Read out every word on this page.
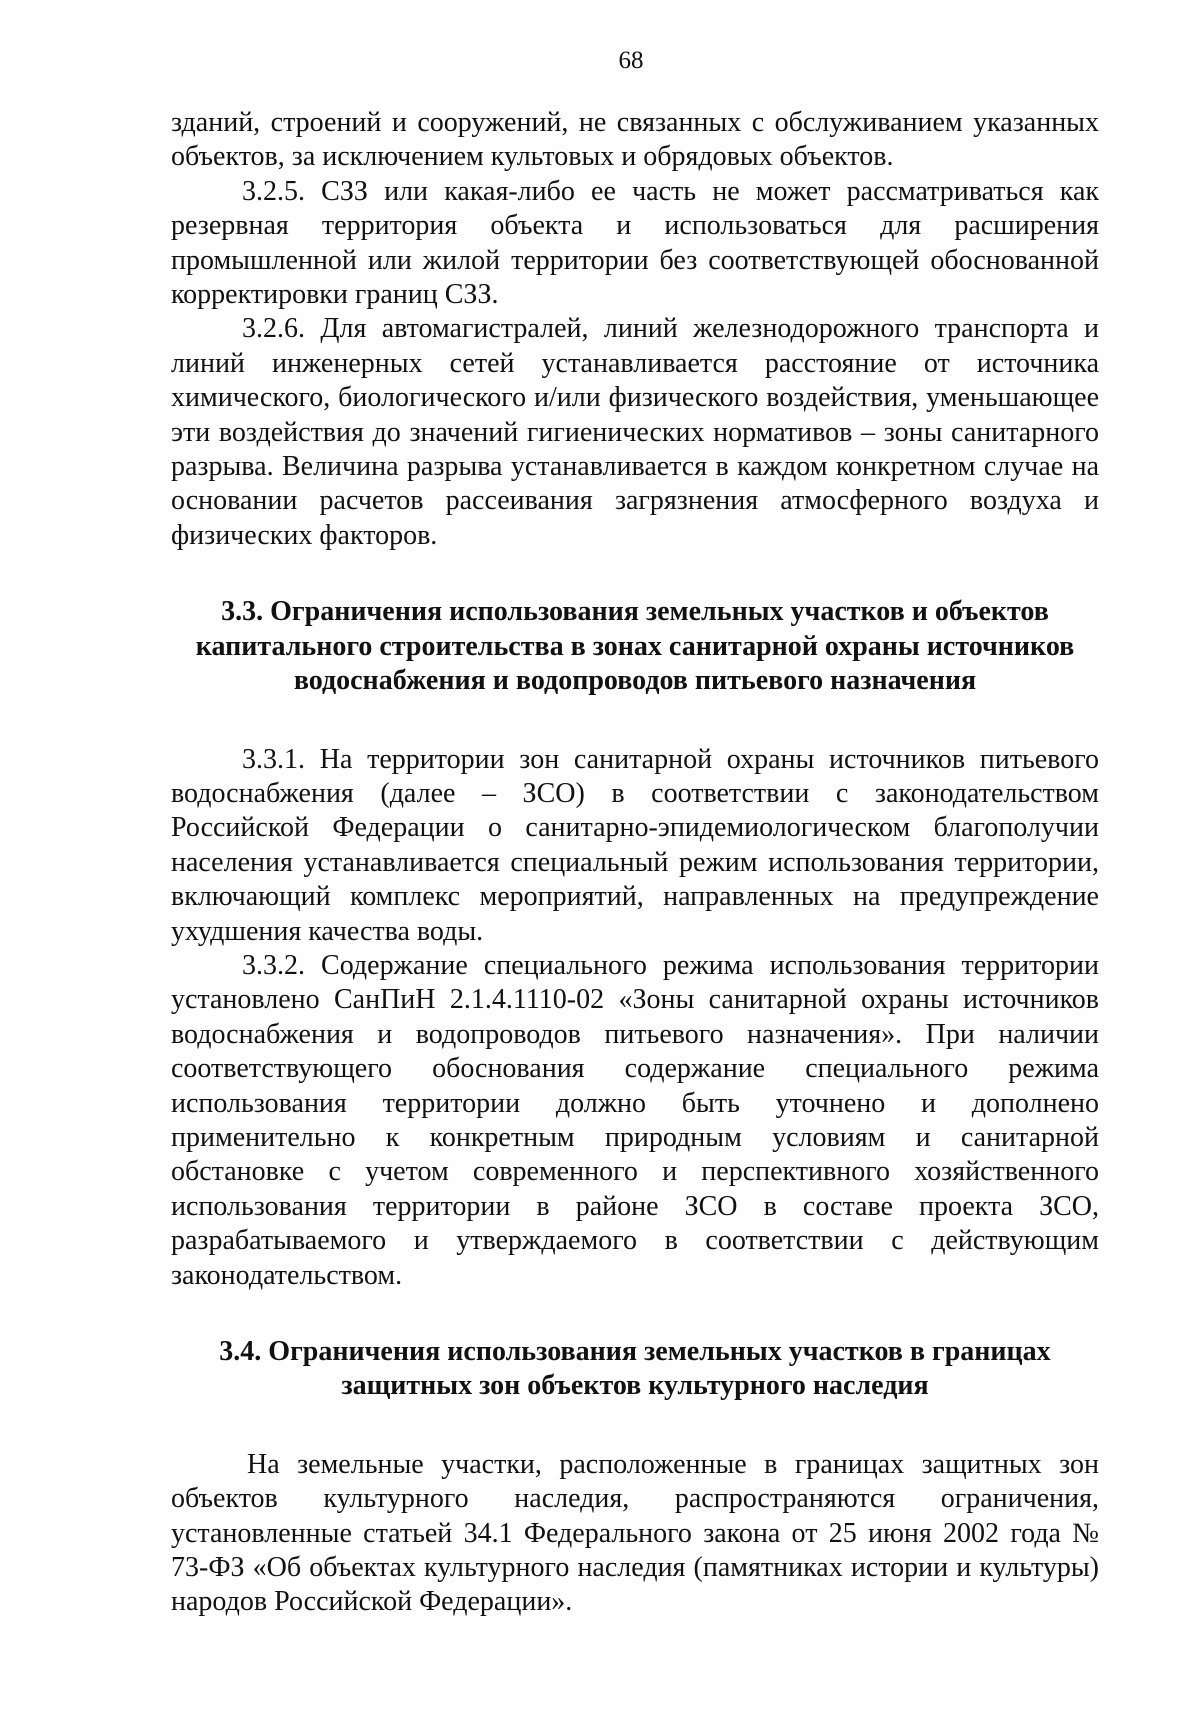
68

зданий, строений и сооружений, не связанных с обслуживанием указанных объектов, за исключением культовых и обрядовых объектов.

3.2.5. СЗЗ или какая-либо ее часть не может рассматриваться как резервная территория объекта и использоваться для расширения промышленной или жилой территории без соответствующей обоснованной корректировки границ СЗЗ.

3.2.6. Для автомагистралей, линий железнодорожного транспорта и линий инженерных сетей устанавливается расстояние от источника химического, биологического и/или физического воздействия, уменьшающее эти воздействия до значений гигиенических нормативов – зоны санитарного разрыва. Величина разрыва устанавливается в каждом конкретном случае на основании расчетов рассеивания загрязнения атмосферного воздуха и физических факторов.

3.3. Ограничения использования земельных участков и объектов

капитального строительства в зонах санитарной охраны источников

водоснабжения и водопроводов питьевого назначения

3.3.1. На территории зон санитарной охраны источников питьевого водоснабжения (далее – ЗСО) в соответствии с законодательством Российской Федерации о санитарно-эпидемиологическом благополучии населения устанавливается специальный режим использования территории, включающий комплекс мероприятий, направленных на предупреждение ухудшения качества воды.

3.3.2. Содержание специального режима использования территории установлено СанПиН 2.1.4.1110-02 «Зоны санитарной охраны источников водоснабжения и водопроводов питьевого назначения». При наличии соответствующего обоснования содержание специального режима использования территории должно быть уточнено и дополнено применительно к конкретным природным условиям и санитарной обстановке с учетом современного и перспективного хозяйственного использования территории в районе ЗСО в составе проекта ЗСО, разрабатываемого и утверждаемого в соответствии с действующим законодательством.

3.4. Ограничения использования земельных участков в границах

защитных зон объектов культурного наследия

На земельные участки, расположенные в границах защитных зон объектов культурного наследия, распространяются ограничения, установленные статьей 34.1 Федерального закона от 25 июня 2002 года № 73-ФЗ «Об объектах культурного наследия (памятниках истории и культуры) народов Российской Федерации».
